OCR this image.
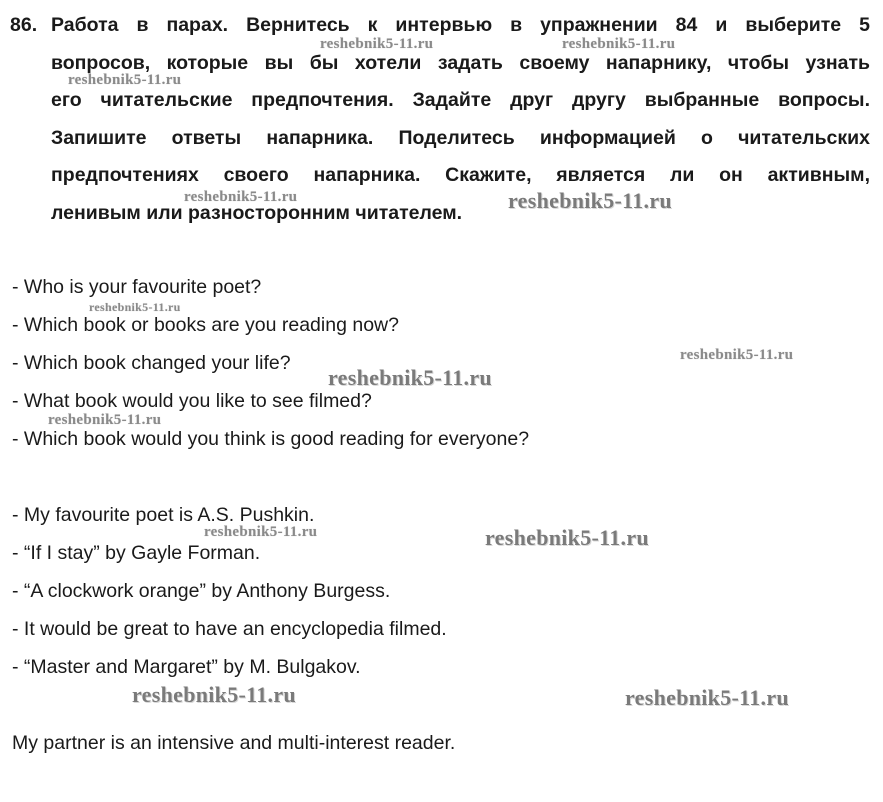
86. Работа в парах. Вернитесь к интервью в упражнении 84 и выберите 5
вопросов, которые вы бы хотели задать своему напарнику, чтобы узнать
его читательские предпочтения. Задайте друг другу выбранные вопросы.
Запишите ответы напарника. Поделитесь информацией о читательских
предпочтениях своего напарника. Скажите, является ли он активным,
ленивым или разносторонним читателем.
- Who is your favourite poet?
- Which book or books are you reading now?
- Which book changed your life?
- What book would you like to see filmed?
- Which book would you think is good reading for everyone?
- My favourite poet is A.S. Pushkin.
- “If I stay” by Gayle Forman.
- “A clockwork orange” by Anthony Burgess.
- It would be great to have an encyclopedia filmed.
- “Master and Margaret” by M. Bulgakov.
My partner is an intensive and multi-interest reader.
reshebnik5-11.ru	reshebnik5-11.ru
reshebnik5-11.ru
reshebnik5-11.ru	reshebnik5-11.ru
reshebnik5-11.ru
reshebnik5-11.ru
reshebnik5-11.ru
reshebnik5-11.ru
reshebnik5-11.ru	reshebnik5-11.ru
reshebnik5-11.ru	reshebnik5-11.ru
